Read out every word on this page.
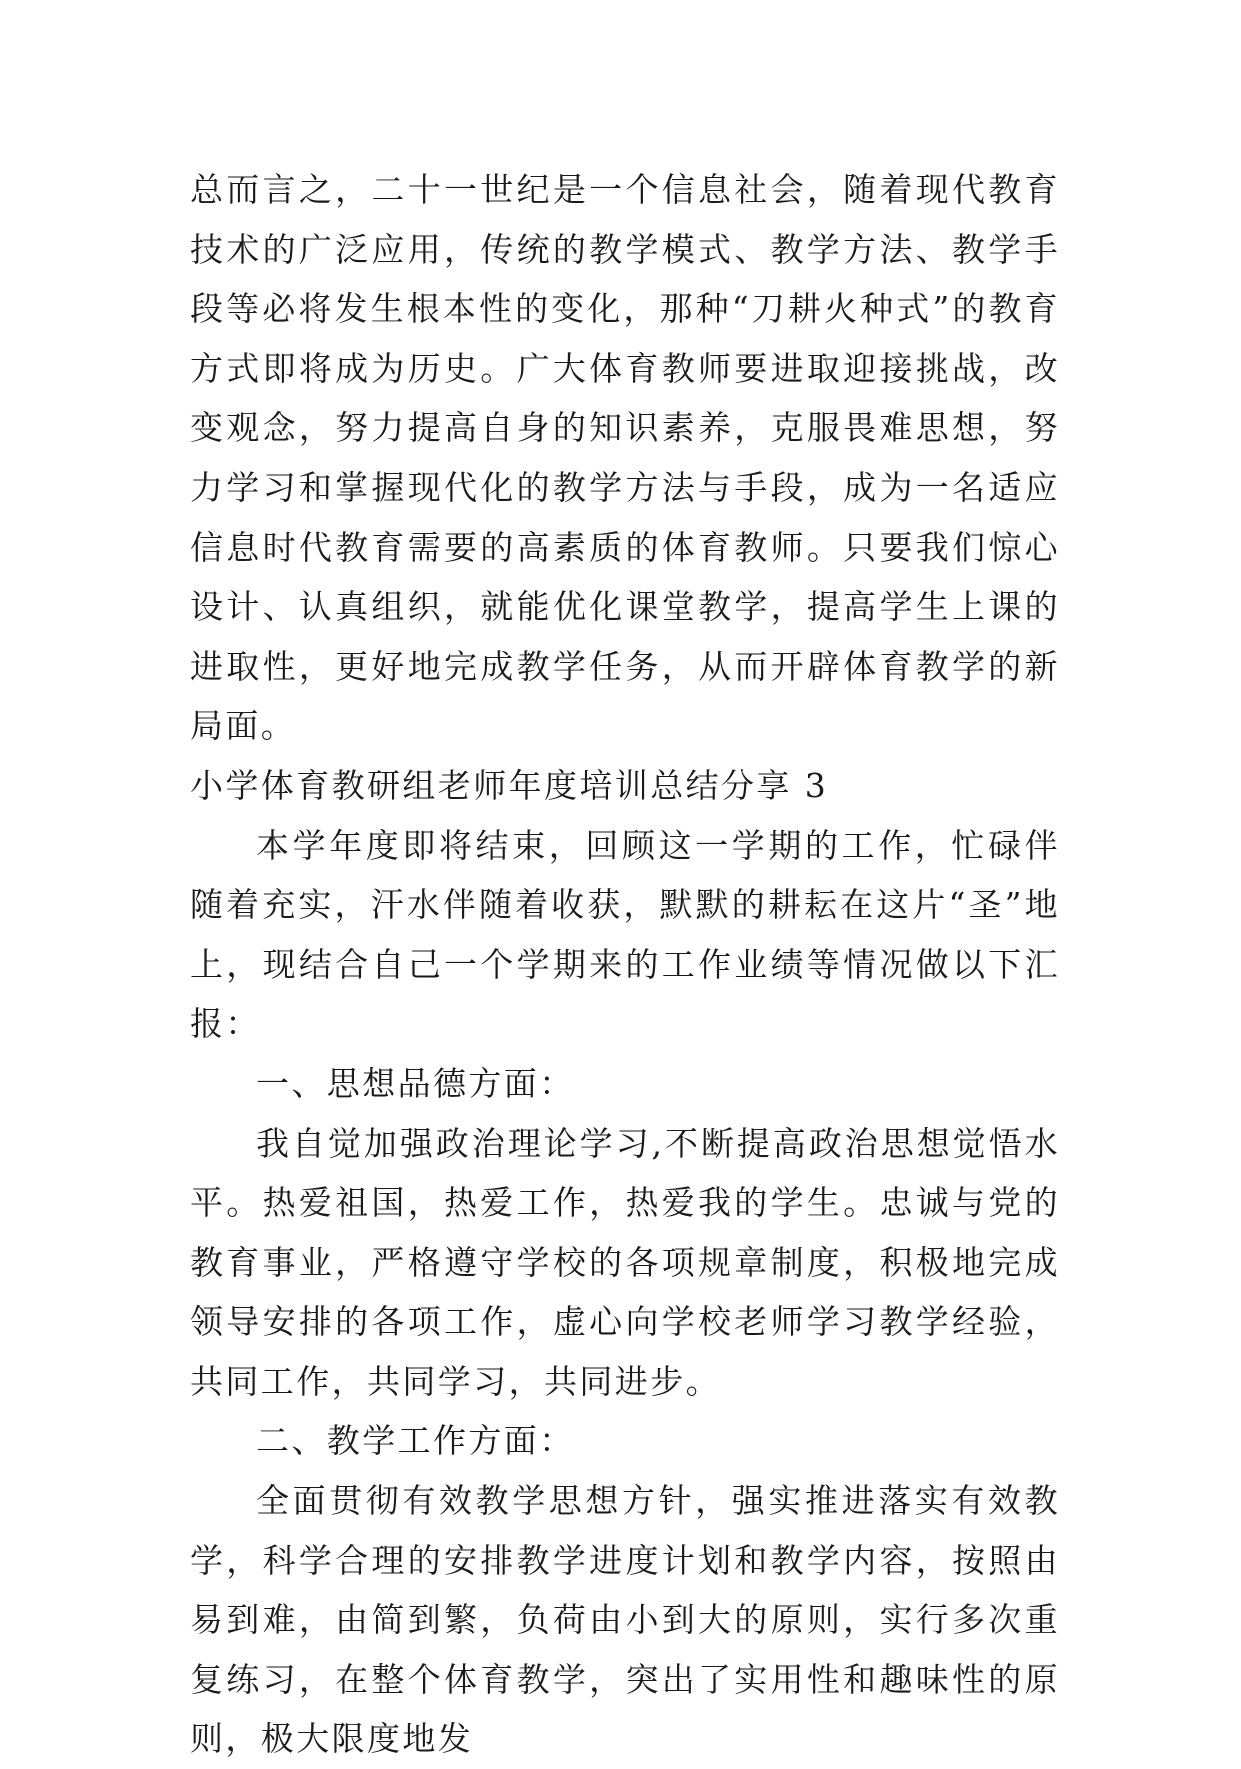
总而言之，二十一世纪是一个信息社会，随着现代教育技术的广泛应用，传统的教学模式、教学方法、教学手段等必将发生根本性的变化，那种“刀耕火种式”的教育方式即将成为历史。广大体育教师要进取迎接挑战，改变观念，努力提高自身的知识素养，克服畏难思想，努力学习和掌握现代化的教学方法与手段，成为一名适应信息时代教育需要的高素质的体育教师。只要我们惊心设计、认真组织，就能优化课堂教学，提高学生上课的进取性，更好地完成教学任务，从而开辟体育教学的新局面。

小学体育教研组老师年度培训总结分享 3

本学年度即将结束，回顾这一学期的工作，忙碌伴随着充实，汗水伴随着收获，默默的耕耘在这片“圣”地上，现结合自己一个学期来的工作业绩等情况做以下汇报：

一、思想品德方面：

我自觉加强政治理论学习,不断提高政治思想觉悟水平。热爱祖国，热爱工作，热爱我的学生。忠诚与党的教育事业，严格遵守学校的各项规章制度，积极地完成领导安排的各项工作，虚心向学校老师学习教学经验，共同工作，共同学习，共同进步。

二、教学工作方面：

全面贯彻有效教学思想方针，强实推进落实有效教学，科学合理的安排教学进度计划和教学内容，按照由易到难，由简到繁，负荷由小到大的原则，实行多次重复练习，在整个体育教学，突出了实用性和趣味性的原则，极大限度地发
